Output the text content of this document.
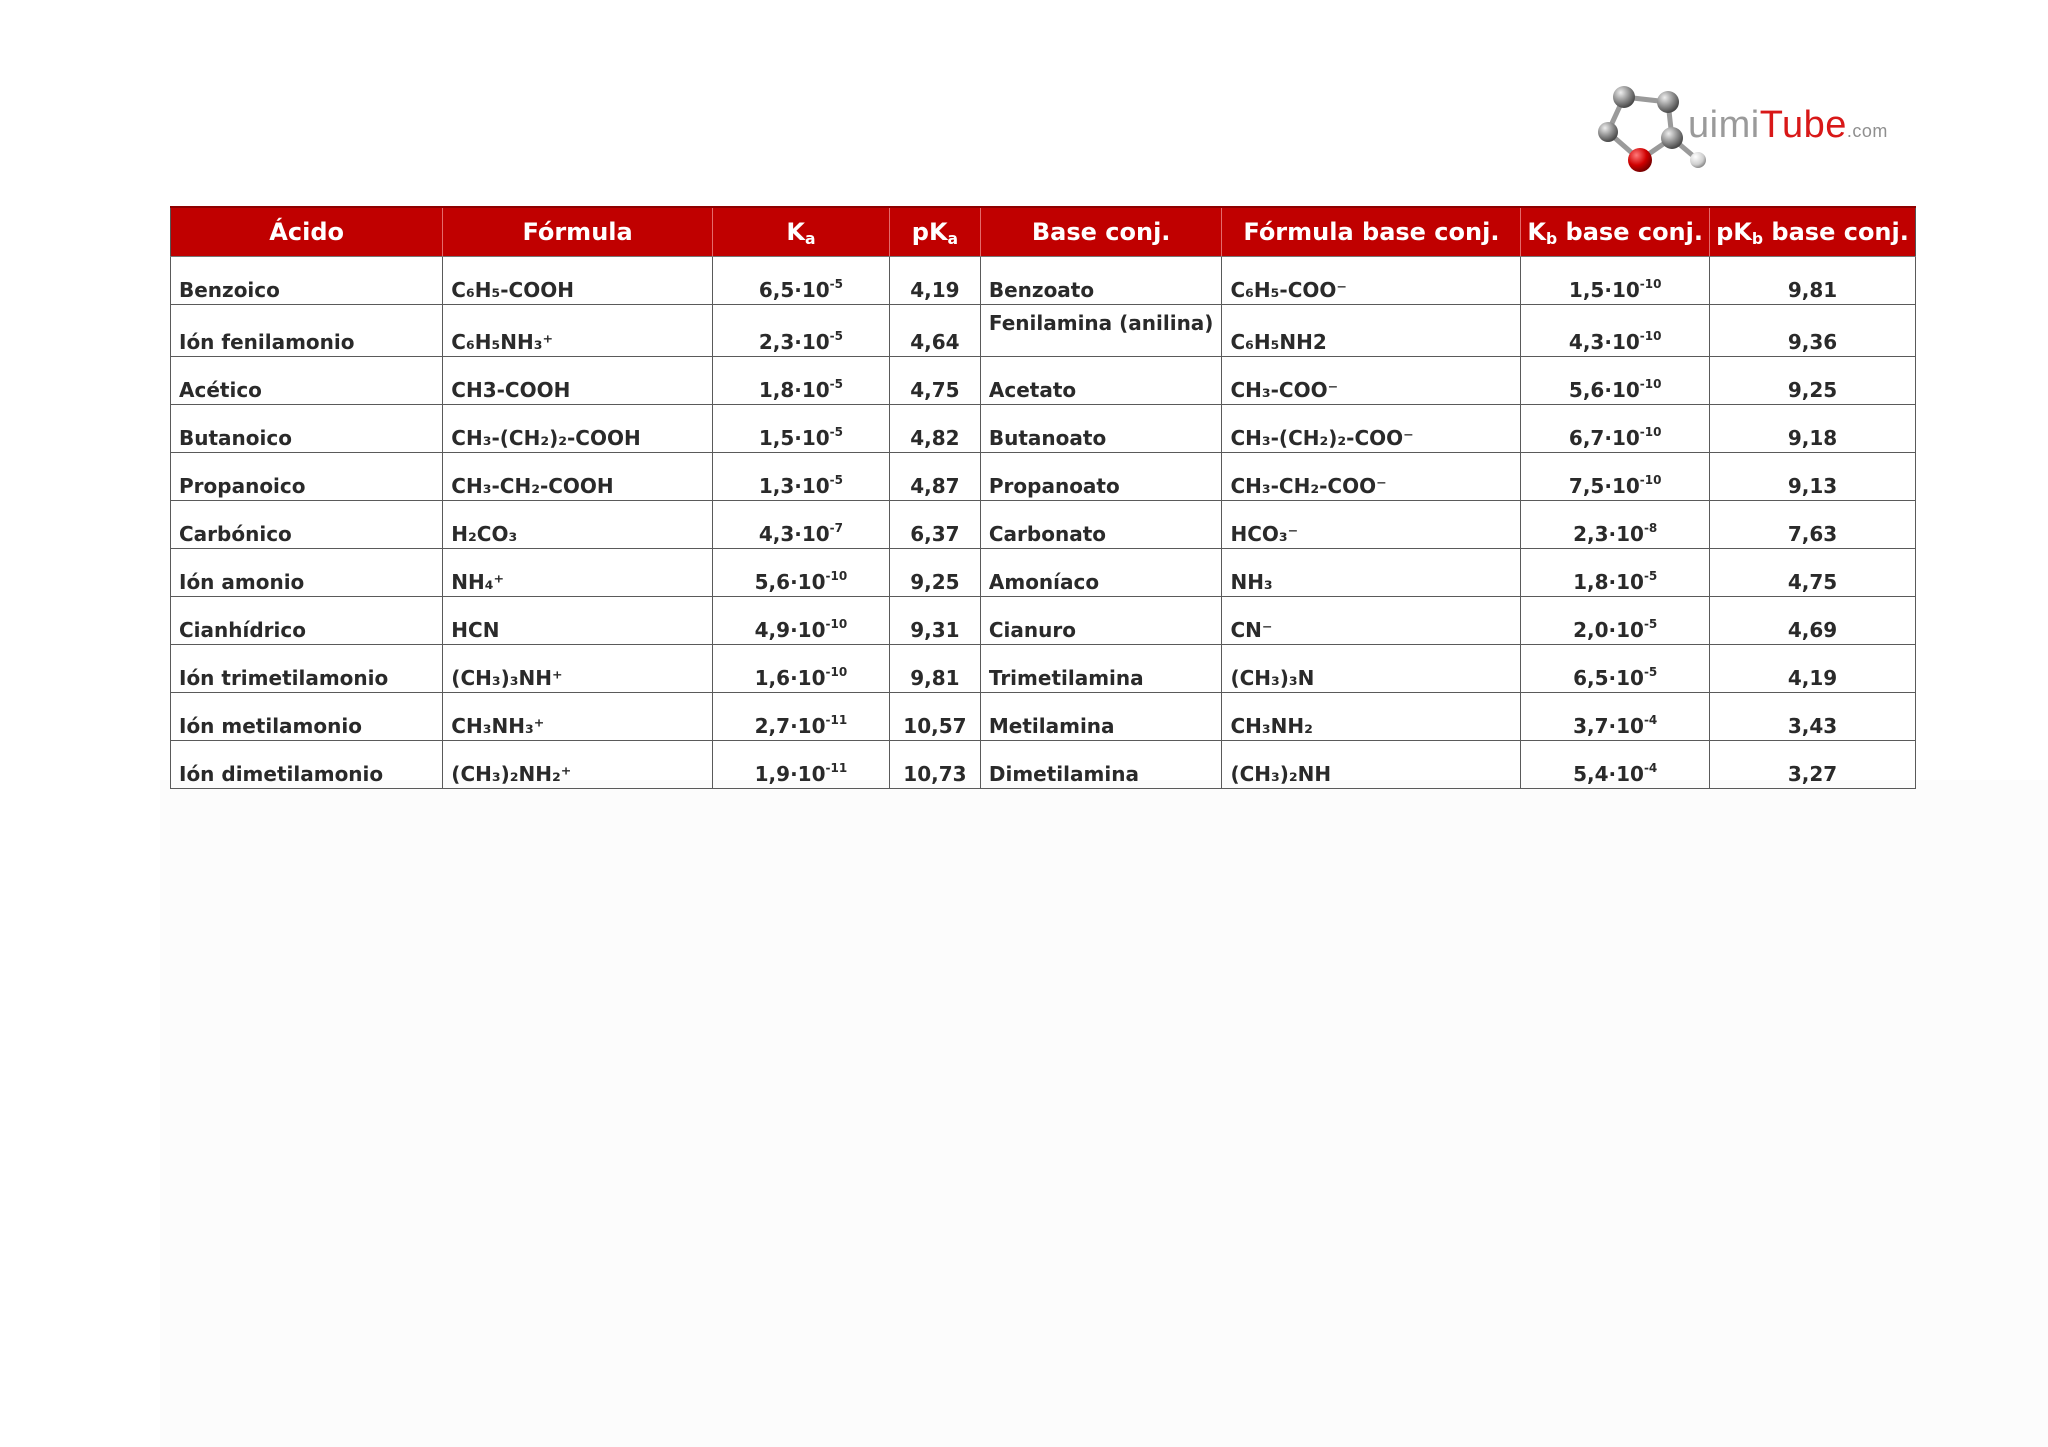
uimiTube.com
Ácido	Fórmula	$K_a$	$pK_a$	Base conj.	Fórmula base conj.	$K_b$ base conj.	$pK_b$ base conj.
Benzoico	C₆H₅-COOH	$6,5\cdot 10^{-5}$	4,19	Benzoato	C₆H₅-COO⁻	$1,5\cdot 10^{-10}$	9,81
Ión fenilamonio	C₆H₅NH₃⁺	$2,3\cdot 10^{-5}$	4,64	Fenilamina (anilina)	C₆H₅NH2	$4,3\cdot 10^{-10}$	9,36
Acético	CH3-COOH	$1,8\cdot 10^{-5}$	4,75	Acetato	CH₃-COO⁻	$5,6\cdot 10^{-10}$	9,25
Butanoico	CH₃-(CH₂)₂-COOH	$1,5\cdot 10^{-5}$	4,82	Butanoato	CH₃-(CH₂)₂-COO⁻	$6,7\cdot 10^{-10}$	9,18
Propanoico	CH₃-CH₂-COOH	$1,3\cdot 10^{-5}$	4,87	Propanoato	CH₃-CH₂-COO⁻	$7,5\cdot 10^{-10}$	9,13
Carbónico	H₂CO₃	$4,3\cdot 10^{-7}$	6,37	Carbonato	HCO₃⁻	$2,3\cdot 10^{-8}$	7,63
Ión amonio	NH₄⁺	$5,6\cdot 10^{-10}$	9,25	Amoníaco	NH₃	$1,8\cdot 10^{-5}$	4,75
Cianhídrico	HCN	$4,9\cdot 10^{-10}$	9,31	Cianuro	CN⁻	$2,0\cdot 10^{-5}$	4,69
Ión trimetilamonio	(CH₃)₃NH⁺	$1,6\cdot 10^{-10}$	9,81	Trimetilamina	(CH₃)₃N	$6,5\cdot 10^{-5}$	4,19
Ión metilamonio	CH₃NH₃⁺	$2,7\cdot 10^{-11}$	10,57	Metilamina	CH₃NH₂	$3,7\cdot 10^{-4}$	3,43
Ión dimetilamonio	(CH₃)₂NH₂⁺	$1,9\cdot 10^{-11}$	10,73	Dimetilamina	(CH₃)₂NH	$5,4\cdot 10^{-4}$	3,27
